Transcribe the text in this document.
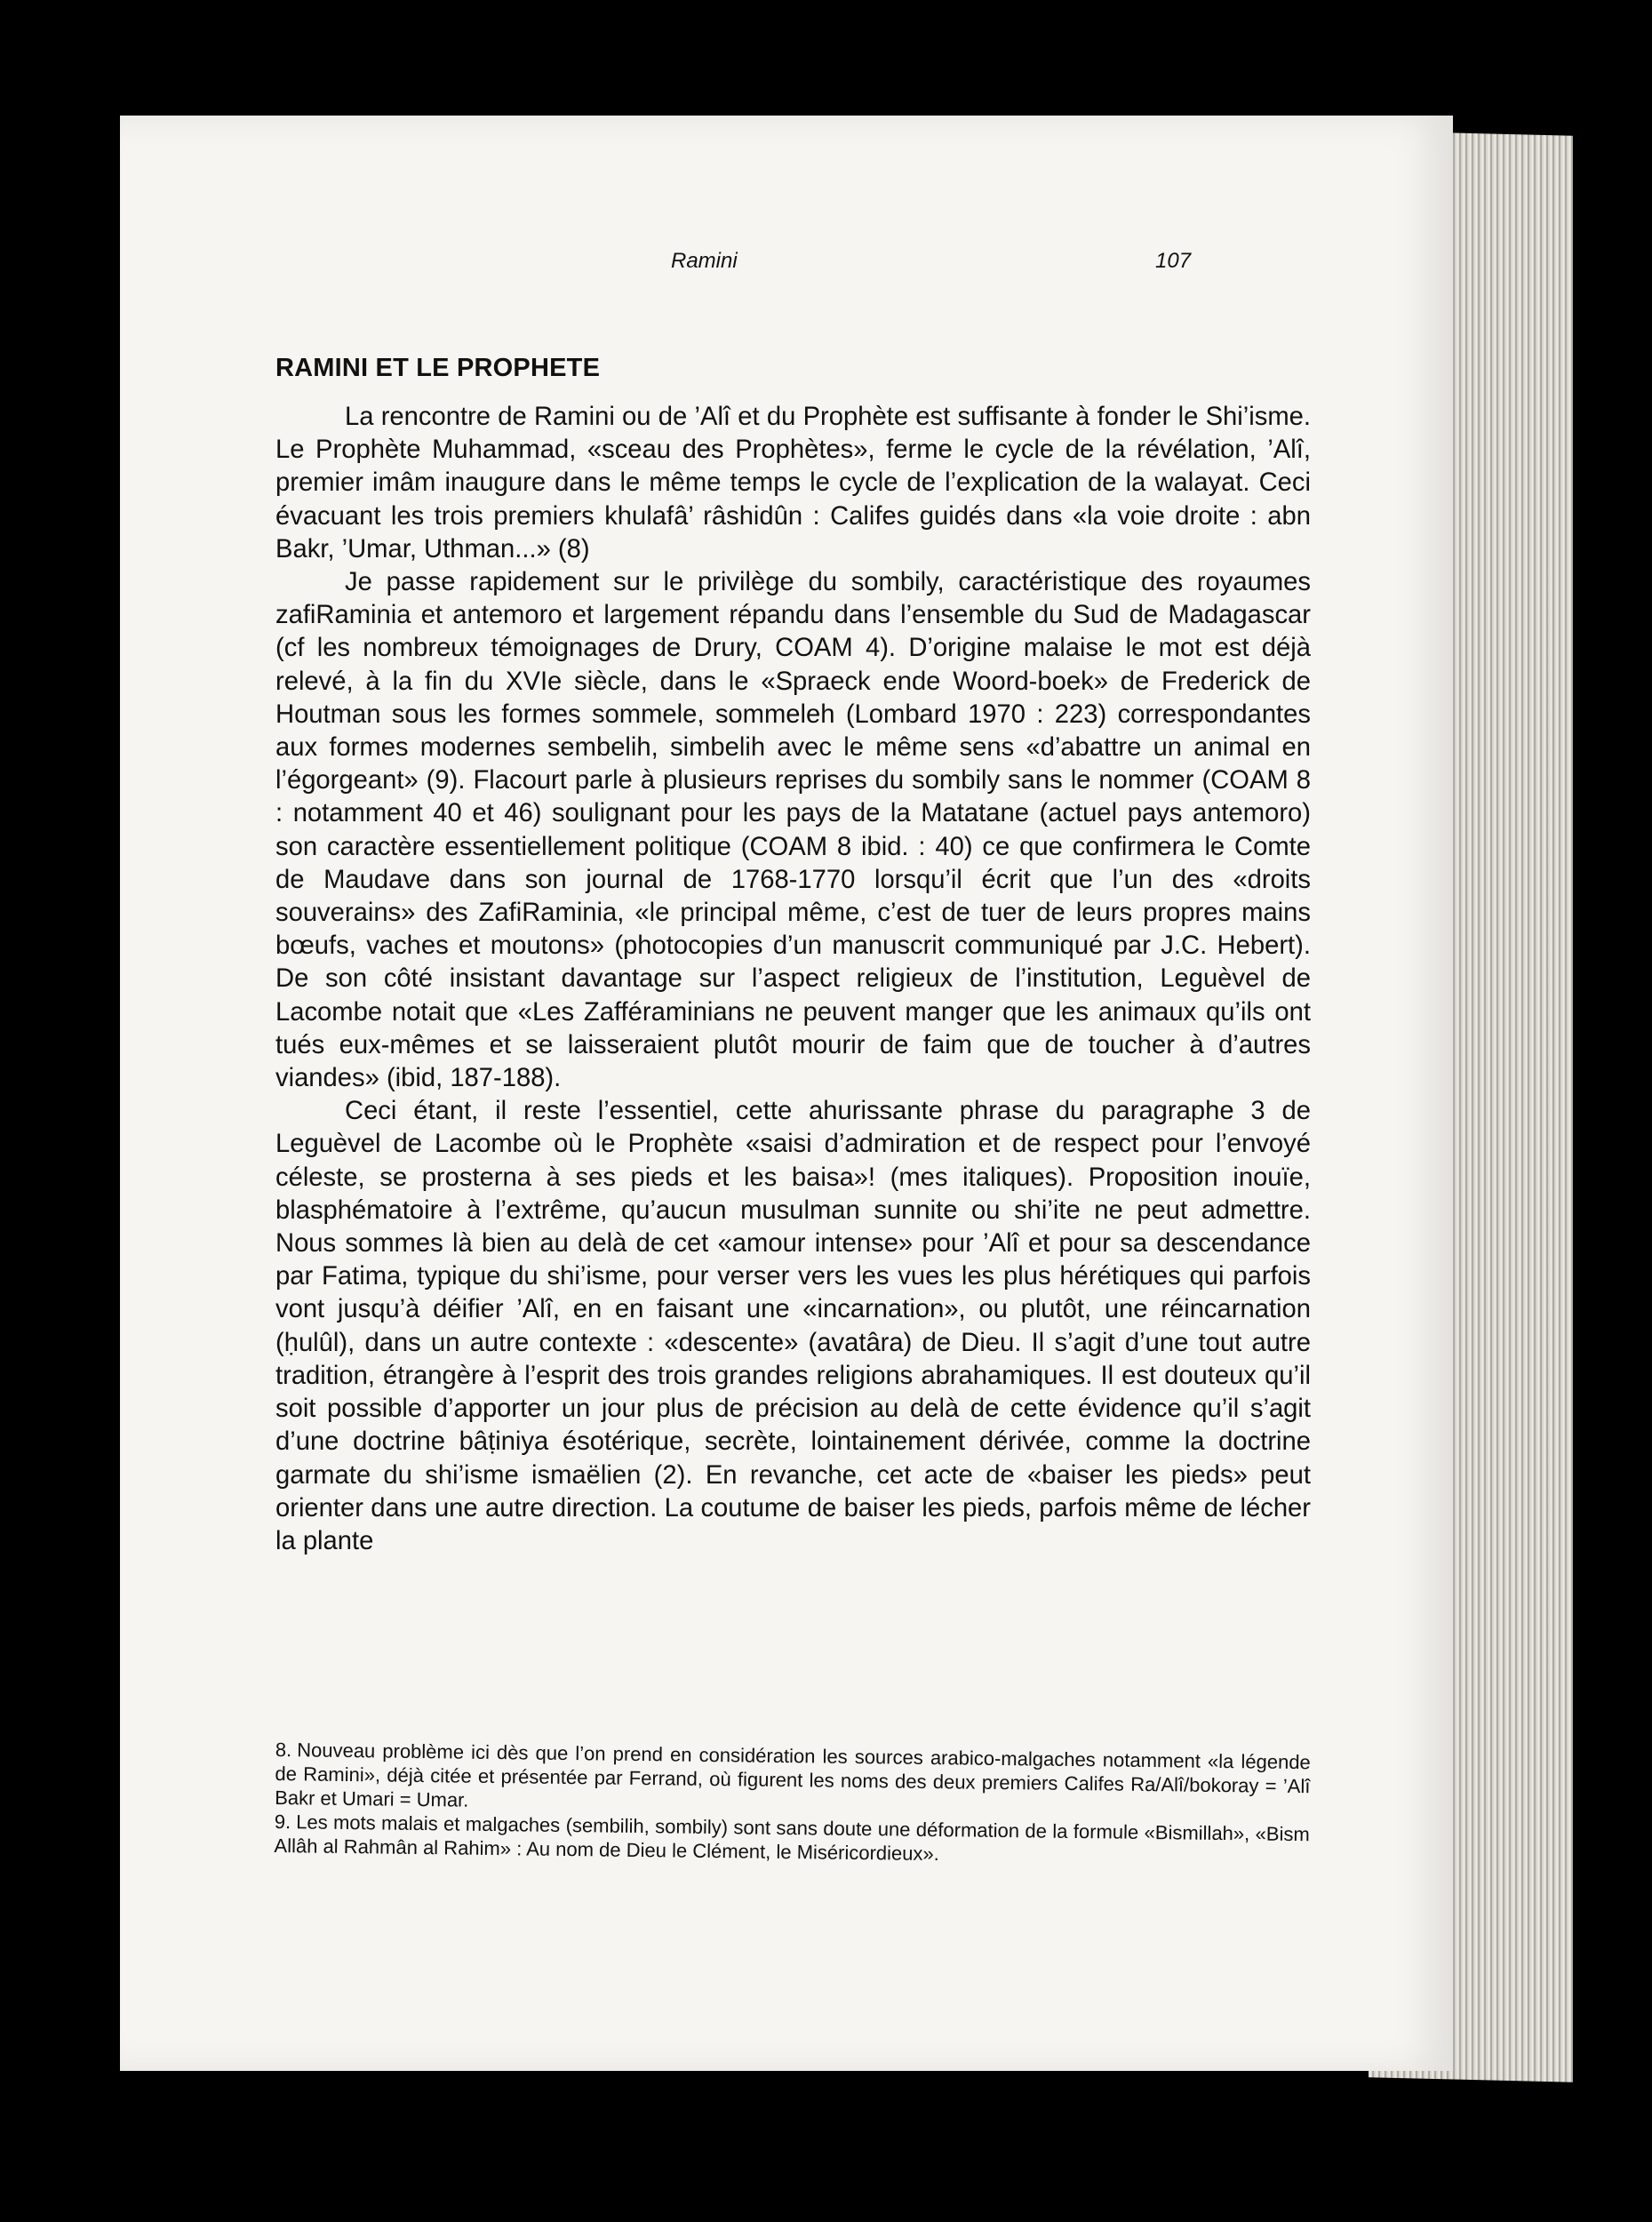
Ramini	107
RAMINI ET LE PROPHETE

La rencontre de Ramini ou de ’Alî et du Prophète est suffisante à fonder le Shi’isme. Le Prophète Muhammad, «sceau des Prophètes», ferme le cycle de la révélation, ’Alî, premier imâm inaugure dans le même temps le cycle de l’explication de la walayat. Ceci évacuant les trois premiers khulafâ’ râshidûn : Califes guidés dans «la voie droite : abn Bakr, ’Umar, Uthman...» (8)

Je passe rapidement sur le privilège du sombily, caractéristique des royaumes zafiRaminia et antemoro et largement répandu dans l’ensemble du Sud de Madagascar (cf les nombreux témoignages de Drury, COAM 4). D’origine malaise le mot est déjà relevé, à la fin du XVIe siècle, dans le «Spraeck ende Woord-boek» de Frederick de Houtman sous les formes sommele, sommeleh (Lombard 1970 : 223) correspondantes aux formes modernes sembelih, simbelih avec le même sens «d’abattre un animal en l’égorgeant» (9). Flacourt parle à plusieurs reprises du sombily sans le nommer (COAM 8 : notamment 40 et 46) soulignant pour les pays de la Matatane (actuel pays antemoro) son caractère essentiellement politique (COAM 8 ibid. : 40) ce que confirmera le Comte de Maudave dans son journal de 1768-1770 lorsqu’il écrit que l’un des «droits souverains» des ZafiRaminia, «le principal même, c’est de tuer de leurs propres mains bœufs, vaches et moutons» (photocopies d’un manuscrit communiqué par J.C. Hebert). De son côté insistant davantage sur l’aspect religieux de l’institution, Leguèvel de Lacombe notait que «Les Zafféraminians ne peuvent manger que les animaux qu’ils ont tués eux-mêmes et se laisseraient plutôt mourir de faim que de toucher à d’autres viandes» (ibid, 187-188).

Ceci étant, il reste l’essentiel, cette ahurissante phrase du paragraphe 3 de Leguèvel de Lacombe où le Prophète «saisi d’admiration et de respect pour l’envoyé céleste, se prosterna à ses pieds et les baisa»! (mes italiques). Proposition inouïe, blasphématoire à l’extrême, qu’aucun musulman sunnite ou shi’ite ne peut admettre. Nous sommes là bien au delà de cet «amour intense» pour ’Alî et pour sa descendance par Fatima, typique du shi’isme, pour verser vers les vues les plus hérétiques qui parfois vont jusqu’à déifier ’Alî, en en faisant une «incarnation», ou plutôt, une réincarnation (ḥulûl), dans un autre contexte : «descente» (avatâra) de Dieu. Il s’agit d’une tout autre tradition, étrangère à l’esprit des trois grandes religions abrahamiques. Il est douteux qu’il soit possible d’apporter un jour plus de précision au delà de cette évidence qu’il s’agit d’une doctrine bâṭiniya ésotérique, secrète, lointainement dérivée, comme la doctrine garmate du shi’isme ismaëlien (2). En revanche, cet acte de «baiser les pieds» peut orienter dans une autre direction. La coutume de baiser les pieds, parfois même de lécher la plante

8. Nouveau problème ici dès que l’on prend en considération les sources arabico-malgaches notamment «la légende de Ramini», déjà citée et présentée par Ferrand, où figurent les noms des deux premiers Califes Ra/Alî/bokoray = ’Alî Bakr et Umari = Umar.

9. Les mots malais et malgaches (sembilih, sombily) sont sans doute une déformation de la formule «Bismillah», «Bism Allâh al Rahmân al Rahim» : Au nom de Dieu le Clément, le Miséricordieux».
